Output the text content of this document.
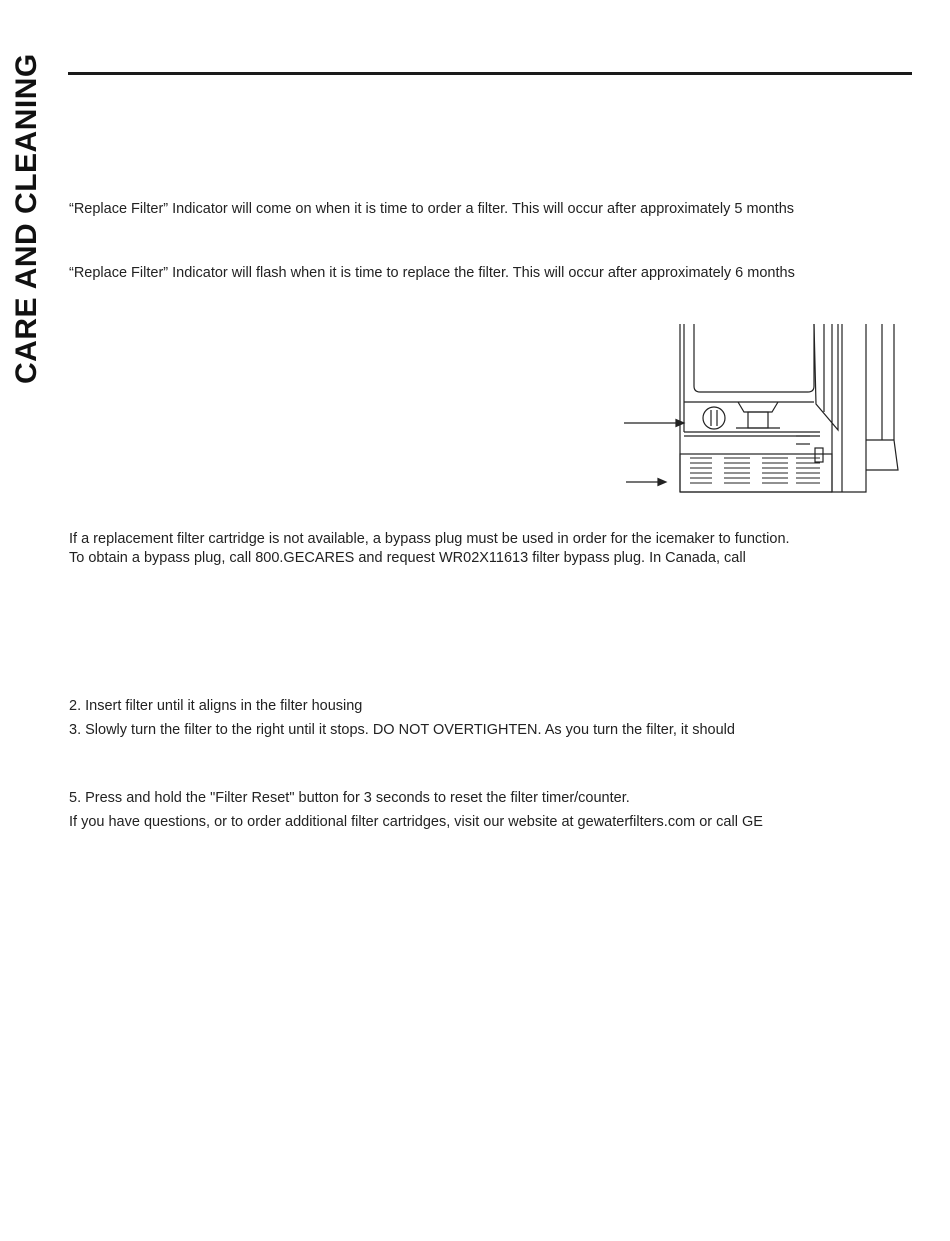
CARE AND CLEANING “Replace Filter” Indicator will come on when it is time to order a filter. This will occur after approximately 5 months
“Replace Filter” Indicator will flash when it is time to replace the filter. This will occur after approximately 6 months
If a replacement filter cartridge is not available, a bypass plug must be used in order for the icemaker to function.
To obtain a bypass plug, call 800.GECARES and request WR02X11613 filter bypass plug. In Canada, call
2. Insert filter until it aligns in the filter housing
3. Slowly turn the filter to the right until it stops. DO NOT OVERTIGHTEN. As you turn the filter, it should
5. Press and hold the "Filter Reset" button for 3 seconds to reset the filter timer/counter.
If you have questions, or to order additional filter cartridges, visit our website at gewaterfilters.com or call GE
